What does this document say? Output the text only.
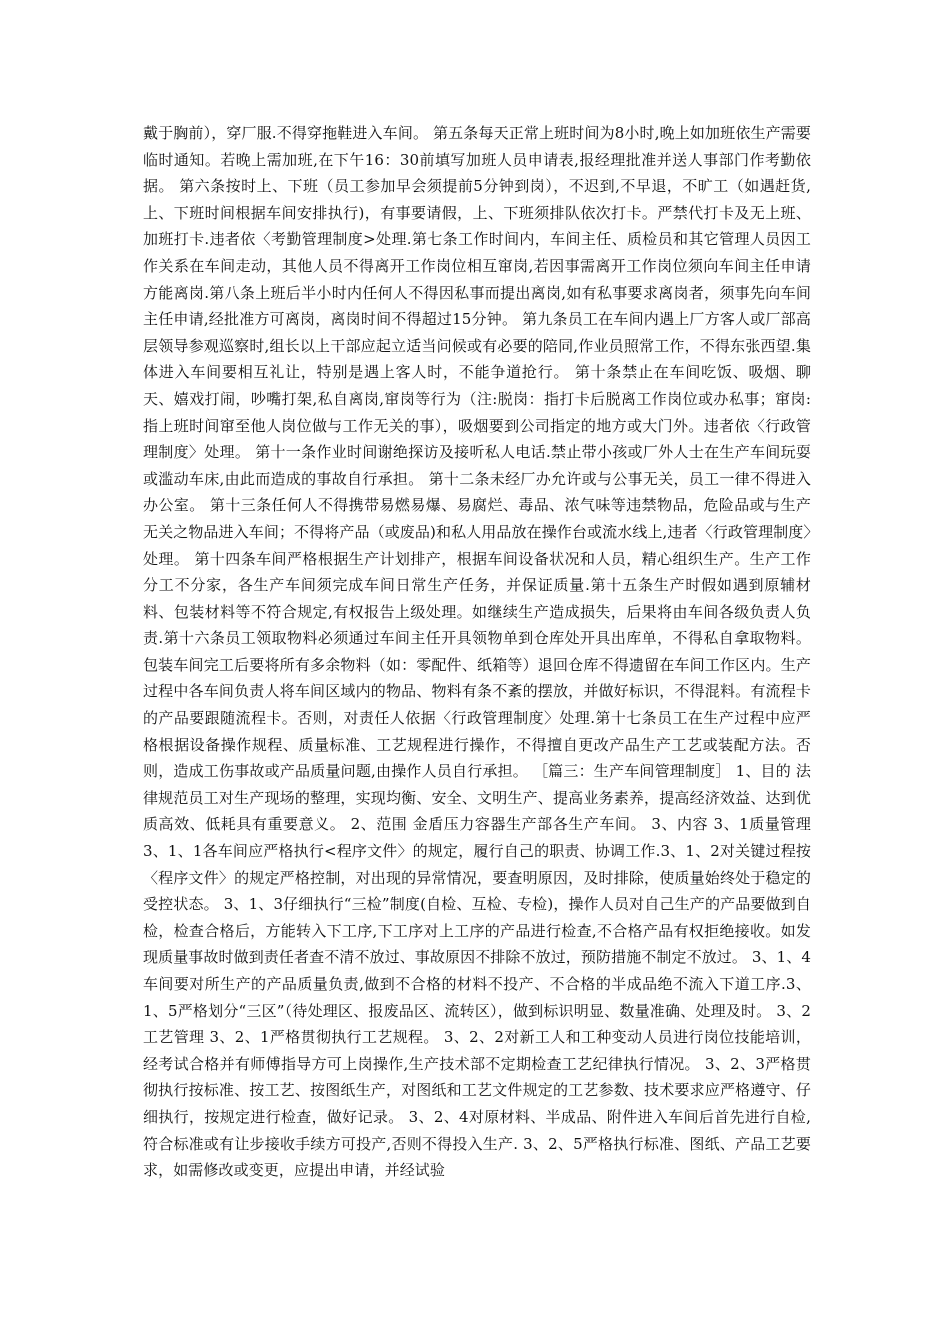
戴于胸前），穿厂服.不得穿拖鞋进入车间。 第五条每天正常上班时间为8小时,晚上如加班依生产需要临时通知。若晚上需加班,在下午16：30前填写加班人员申请表,报经理批准并送人事部门作考勤依据。 第六条按时上、下班（员工参加早会须提前5分钟到岗），不迟到,不早退，不旷工（如遇赶货,上、下班时间根据车间安排执行)，有事要请假，上、下班须排队依次打卡。严禁代打卡及无上班、加班打卡.违者依〈考勤管理制度>处理.第七条工作时间内，车间主任、质检员和其它管理人员因工作关系在车间走动，其他人员不得离开工作岗位相互窜岗,若因事需离开工作岗位须向车间主任申请方能离岗.第八条上班后半小时内任何人不得因私事而提出离岗,如有私事要求离岗者，须事先向车间主任申请,经批准方可离岗，离岗时间不得超过15分钟。 第九条员工在车间内遇上厂方客人或厂部高层领导参观巡察时,组长以上干部应起立适当问候或有必要的陪同,作业员照常工作，不得东张西望.集体进入车间要相互礼让，特别是遇上客人时，不能争道抢行。 第十条禁止在车间吃饭、吸烟、聊天、嬉戏打闹，吵嘴打架,私自离岗,窜岗等行为（注:脱岗：指打卡后脱离工作岗位或办私事；窜岗:指上班时间窜至他人岗位做与工作无关的事），吸烟要到公司指定的地方或大门外。违者依〈行政管理制度〉处理。 第十一条作业时间谢绝探访及接听私人电话.禁止带小孩或厂外人士在生产车间玩耍或滥动车床,由此而造成的事故自行承担。 第十二条未经厂办允许或与公事无关，员工一律不得进入办公室。 第十三条任何人不得携带易燃易爆、易腐烂、毒品、浓气味等违禁物品，危险品或与生产无关之物品进入车间；不得将产品（或废品)和私人用品放在操作台或流水线上,违者〈行政管理制度〉处理。 第十四条车间严格根据生产计划排产，根据车间设备状况和人员，精心组织生产。生产工作分工不分家，各生产车间须完成车间日常生产任务，并保证质量.第十五条生产时假如遇到原辅材料、包装材料等不符合规定,有权报告上级处理。如继续生产造成损失，后果将由车间各级负责人负责.第十六条员工领取物料必须通过车间主任开具领物单到仓库处开具出库单，不得私自拿取物料。包装车间完工后要将所有多余物料（如：零配件、纸箱等）退回仓库不得遗留在车间工作区内。生产过程中各车间负责人将车间区域内的物品、物料有条不紊的摆放，并做好标识，不得混料。有流程卡的产品要跟随流程卡。否则，对责任人依据〈行政管理制度〉处理.第十七条员工在生产过程中应严格根据设备操作规程、质量标准、工艺规程进行操作，不得擅自更改产品生产工艺或装配方法。否则，造成工伤事故或产品质量问题,由操作人员自行承担。 ［篇三：生产车间管理制度］ 1、目的 法律规范员工对生产现场的整理，实现均衡、安全、文明生产、提高业务素养，提高经济效益、达到优质高效、低耗具有重要意义。 2、范围 金盾压力容器生产部各生产车间。 3、内容 3、1质量管理 3、1、1各车间应严格执行<程序文件〉的规定，履行自己的职责、协调工作.3、1、2对关键过程按〈程序文件〉的规定严格控制，对出现的异常情况，要查明原因，及时排除，使质量始终处于稳定的受控状态。 3、1、3仔细执行“三检”制度(自检、互检、专检)，操作人员对自己生产的产品要做到自检，检查合格后，方能转入下工序,下工序对上工序的产品进行检查,不合格产品有权拒绝接收。如发现质量事故时做到责任者查不清不放过、事故原因不排除不放过，预防措施不制定不放过。 3、1、4车间要对所生产的产品质量负责,做到不合格的材料不投产、不合格的半成品绝不流入下道工序.3、1、5严格划分“三区”（待处理区、报废品区、流转区），做到标识明显、数量准确、处理及时。 3、2工艺管理 3、2、1严格贯彻执行工艺规程。 3、2、2对新工人和工种变动人员进行岗位技能培训，经考试合格并有师傅指导方可上岗操作,生产技术部不定期检查工艺纪律执行情况。 3、2、3严格贯彻执行按标准、按工艺、按图纸生产，对图纸和工艺文件规定的工艺参数、技术要求应严格遵守、仔细执行，按规定进行检查，做好记录。 3、2、4对原材料、半成品、附件进入车间后首先进行自检,符合标准或有让步接收手续方可投产,否则不得投入生产. 3、2、5严格执行标准、图纸、产品工艺要求，如需修改或变更，应提出申请，并经试验
